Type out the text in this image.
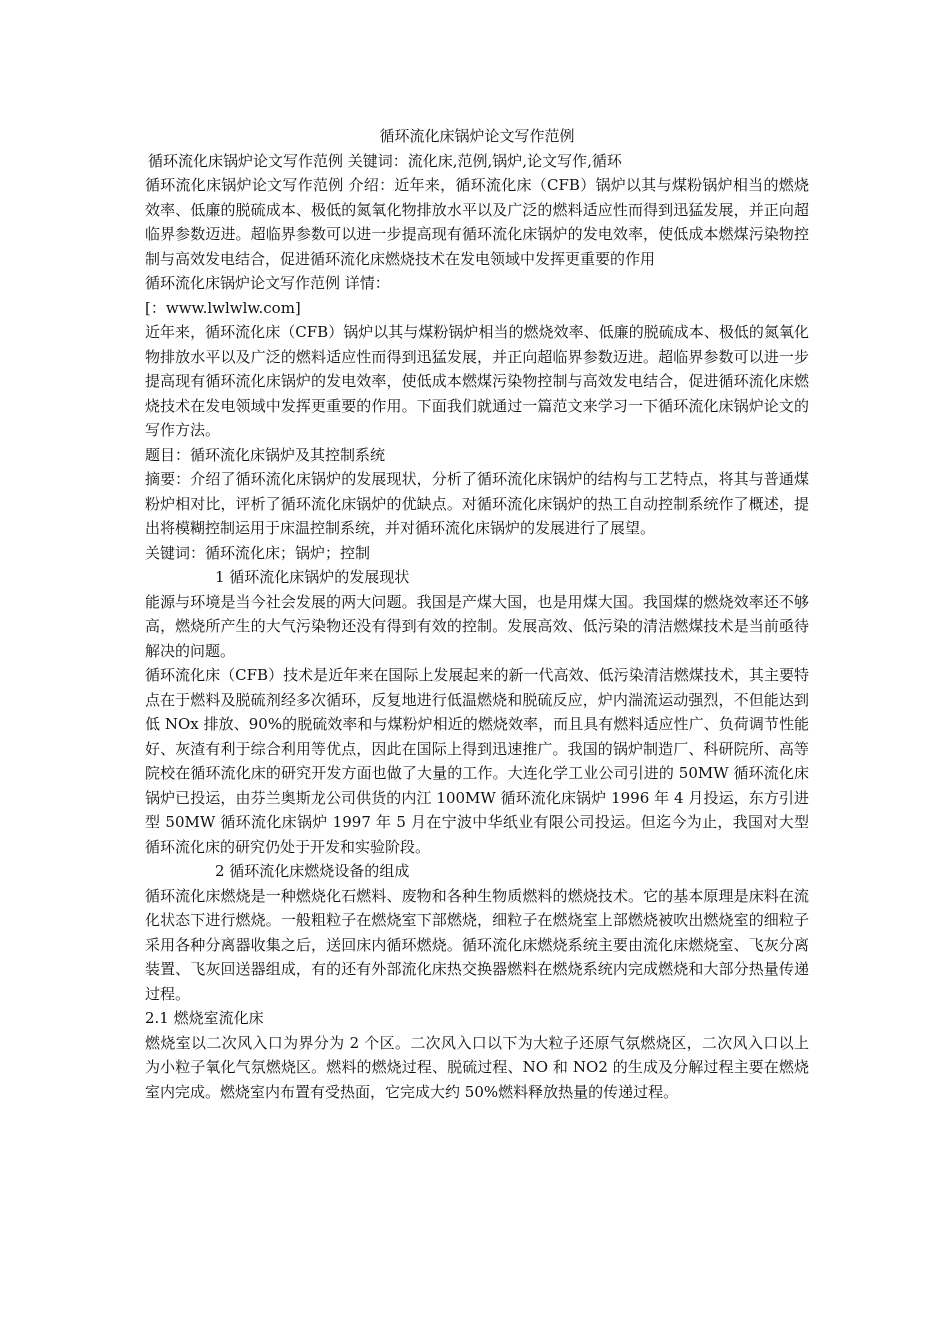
循环流化床锅炉论文写作范例

循环流化床锅炉论文写作范例 关键词：流化床,范例,锅炉,论文写作,循环

循环流化床锅炉论文写作范例 介绍：近年来，循环流化床（CFB）锅炉以其与煤粉锅炉相当的燃烧效率、低廉的脱硫成本、极低的氮氧化物排放水平以及广泛的燃料适应性而得到迅猛发展，并正向超临界参数迈进。超临界参数可以进一步提高现有循环流化床锅炉的发电效率，使低成本燃煤污染物控制与高效发电结合，促进循环流化床燃烧技术在发电领域中发挥更重要的作用

循环流化床锅炉论文写作范例 详情：

[：www.lwlwlw.com]

近年来，循环流化床（CFB）锅炉以其与煤粉锅炉相当的燃烧效率、低廉的脱硫成本、极低的氮氧化物排放水平以及广泛的燃料适应性而得到迅猛发展，并正向超临界参数迈进。超临界参数可以进一步提高现有循环流化床锅炉的发电效率，使低成本燃煤污染物控制与高效发电结合，促进循环流化床燃烧技术在发电领域中发挥更重要的作用。下面我们就通过一篇范文来学习一下循环流化床锅炉论文的写作方法。

题目：循环流化床锅炉及其控制系统

摘要：介绍了循环流化床锅炉的发展现状，分析了循环流化床锅炉的结构与工艺特点，将其与普通煤粉炉相对比，评析了循环流化床锅炉的优缺点。对循环流化床锅炉的热工自动控制系统作了概述，提出将模糊控制运用于床温控制系统，并对循环流化床锅炉的发展进行了展望。

关键词：循环流化床；锅炉；控制

1 循环流化床锅炉的发展现状

能源与环境是当今社会发展的两大问题。我国是产煤大国，也是用煤大国。我国煤的燃烧效率还不够高，燃烧所产生的大气污染物还没有得到有效的控制。发展高效、低污染的清洁燃煤技术是当前亟待解决的问题。

循环流化床（CFB）技术是近年来在国际上发展起来的新一代高效、低污染清洁燃煤技术，其主要特点在于燃料及脱硫剂经多次循环，反复地进行低温燃烧和脱硫反应，炉内湍流运动强烈，不但能达到低 NOx 排放、90%的脱硫效率和与煤粉炉相近的燃烧效率，而且具有燃料适应性广、负荷调节性能好、灰渣有利于综合利用等优点，因此在国际上得到迅速推广。我国的锅炉制造厂、科研院所、高等院校在循环流化床的研究开发方面也做了大量的工作。大连化学工业公司引进的 50MW 循环流化床锅炉已投运，由芬兰奥斯龙公司供货的内江 100MW 循环流化床锅炉 1996 年 4 月投运，东方引进型 50MW 循环流化床锅炉 1997 年 5 月在宁波中华纸业有限公司投运。但迄今为止，我国对大型循环流化床的研究仍处于开发和实验阶段。

2 循环流化床燃烧设备的组成

循环流化床燃烧是一种燃烧化石燃料、废物和各种生物质燃料的燃烧技术。它的基本原理是床料在流化状态下进行燃烧。一般粗粒子在燃烧室下部燃烧，细粒子在燃烧室上部燃烧被吹出燃烧室的细粒子采用各种分离器收集之后，送回床内循环燃烧。循环流化床燃烧系统主要由流化床燃烧室、飞灰分离装置、飞灰回送器组成，有的还有外部流化床热交换器燃料在燃烧系统内完成燃烧和大部分热量传递过程。

2.1 燃烧室流化床

燃烧室以二次风入口为界分为 2 个区。二次风入口以下为大粒子还原气氛燃烧区，二次风入口以上为小粒子氧化气氛燃烧区。燃料的燃烧过程、脱硫过程、NO 和 NO2 的生成及分解过程主要在燃烧室内完成。燃烧室内布置有受热面，它完成大约 50%燃料释放热量的传递过程。
